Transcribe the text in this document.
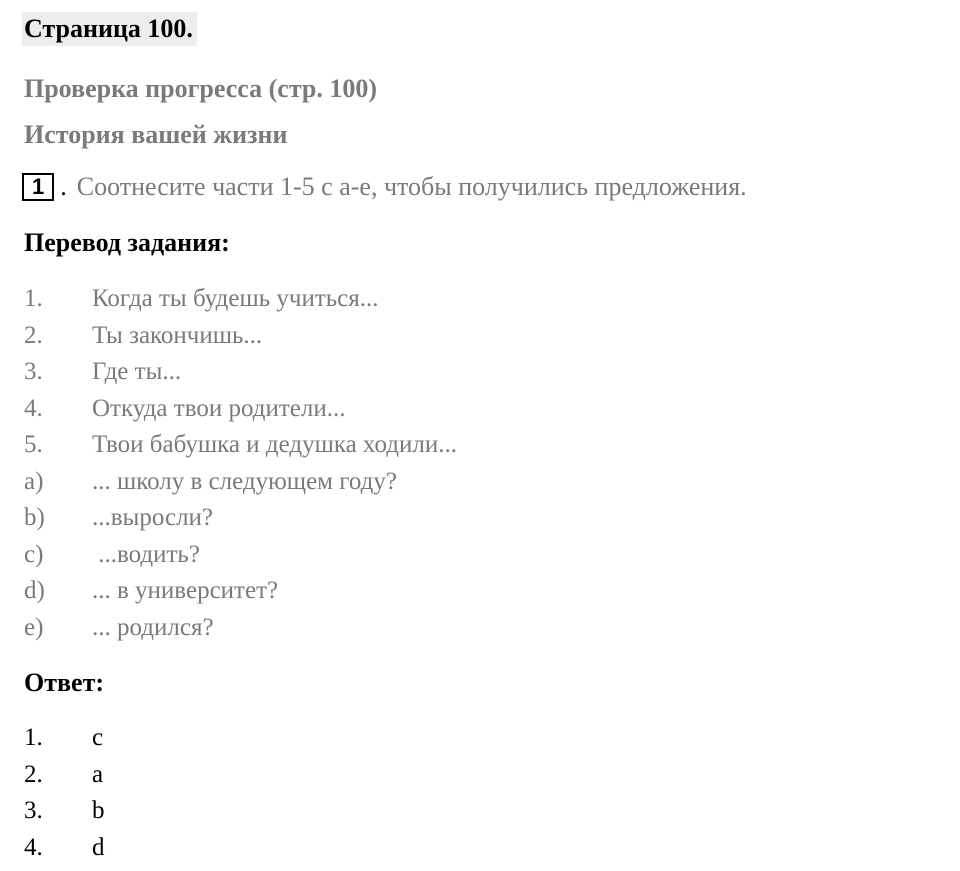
Страница 100.
Проверка прогресса (стр. 100)
История вашей жизни
1 . Соотнесите части 1-5 с a-e, чтобы получились предложения.
Перевод задания:
1. Когда ты будешь учиться...
2. Ты закончишь...
3. Где ты...
4. Откуда твои родители...
5. Твои бабушка и дедушка ходили...
a) ... школу в следующем году?
b) ...выросли?
c) ...водить?
d) ... в университет?
e) ... родился?
Ответ:
1. c
2. a
3. b
4. d
